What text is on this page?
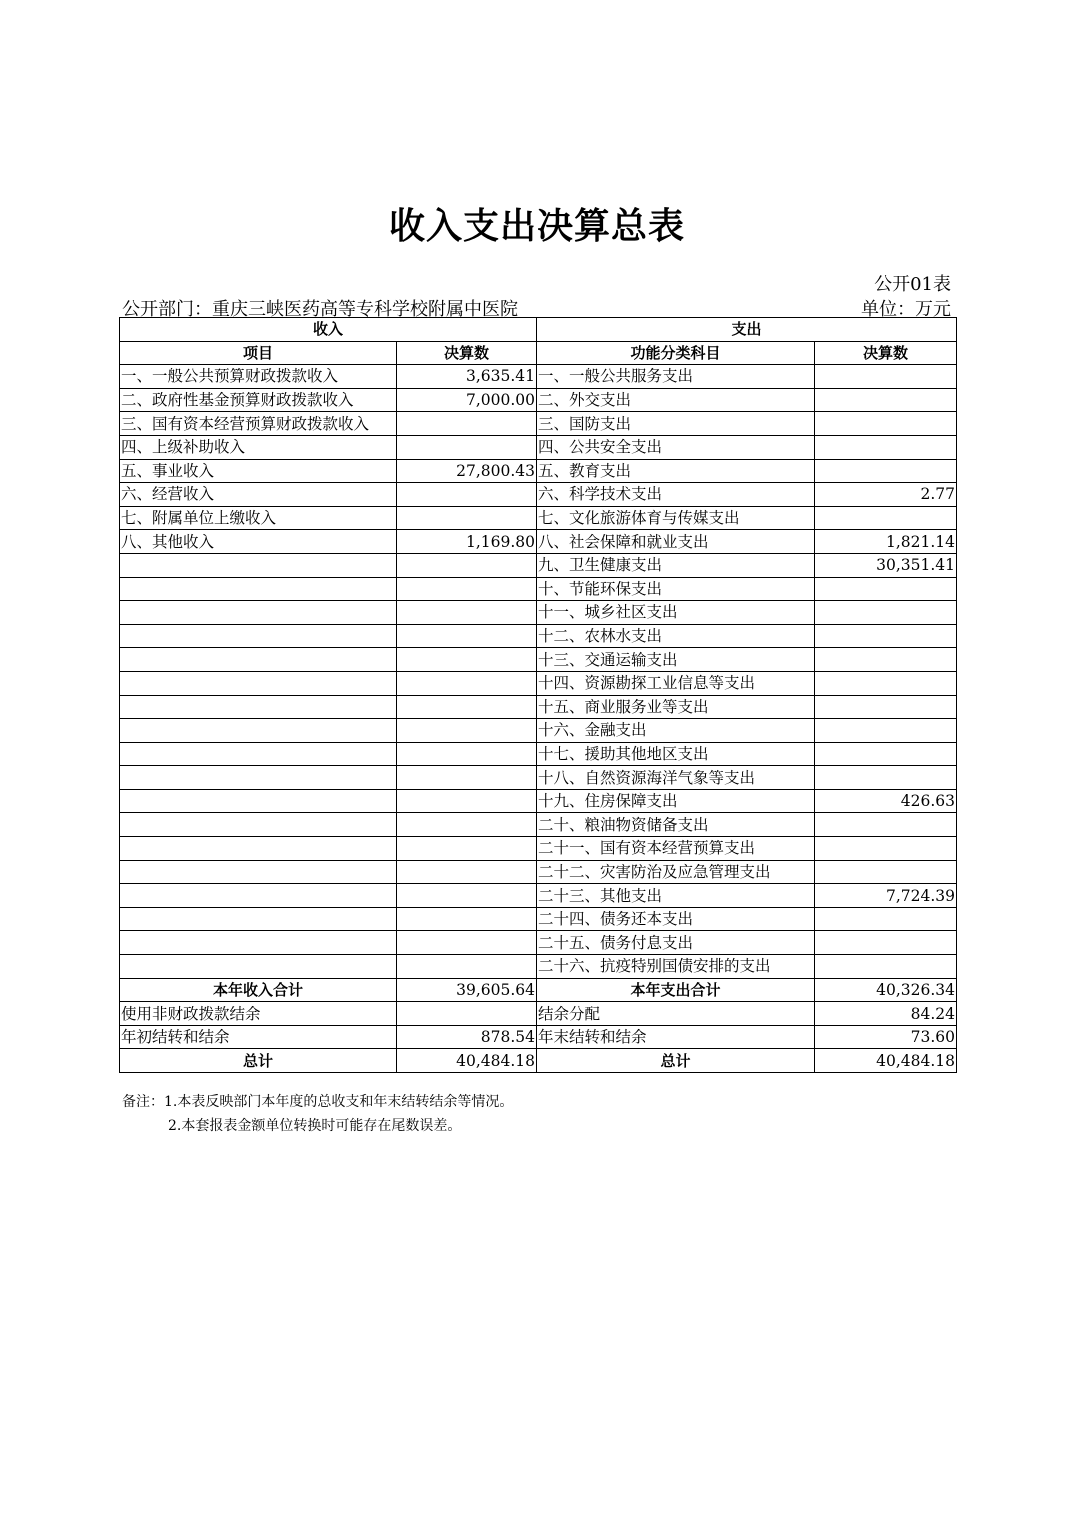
收入支出决算总表
公开01表
公开部门：重庆三峡医药高等专科学校附属中医院	单位：万元
收入		支出	
项目	决算数	功能分类科目	决算数
一、一般公共预算财政拨款收入	3,635.41	一、一般公共服务支出	
二、政府性基金预算财政拨款收入	7,000.00	二、外交支出	
三、国有资本经营预算财政拨款收入		三、国防支出	
四、上级补助收入		四、公共安全支出	
五、事业收入	27,800.43	五、教育支出	
六、经营收入		六、科学技术支出	2.77
七、附属单位上缴收入		七、文化旅游体育与传媒支出	
八、其他收入	1,169.80	八、社会保障和就业支出	1,821.14
		九、卫生健康支出	30,351.41
		十、节能环保支出	
		十一、城乡社区支出	
		十二、农林水支出	
		十三、交通运输支出	
		十四、资源勘探工业信息等支出	
		十五、商业服务业等支出	
		十六、金融支出	
		十七、援助其他地区支出	
		十八、自然资源海洋气象等支出	
		十九、住房保障支出	426.63
		二十、粮油物资储备支出	
		二十一、国有资本经营预算支出	
		二十二、灾害防治及应急管理支出	
		二十三、其他支出	7,724.39
		二十四、债务还本支出	
		二十五、债务付息支出	
		二十六、抗疫特别国债安排的支出	
本年收入合计	39,605.64	本年支出合计	40,326.34
使用非财政拨款结余		结余分配	84.24
年初结转和结余	878.54	年末结转和结余	73.60
总计	40,484.18	总计	40,484.18
备注：1.本表反映部门本年度的总收支和年末结转结余等情况。
2.本套报表金额单位转换时可能存在尾数误差。
